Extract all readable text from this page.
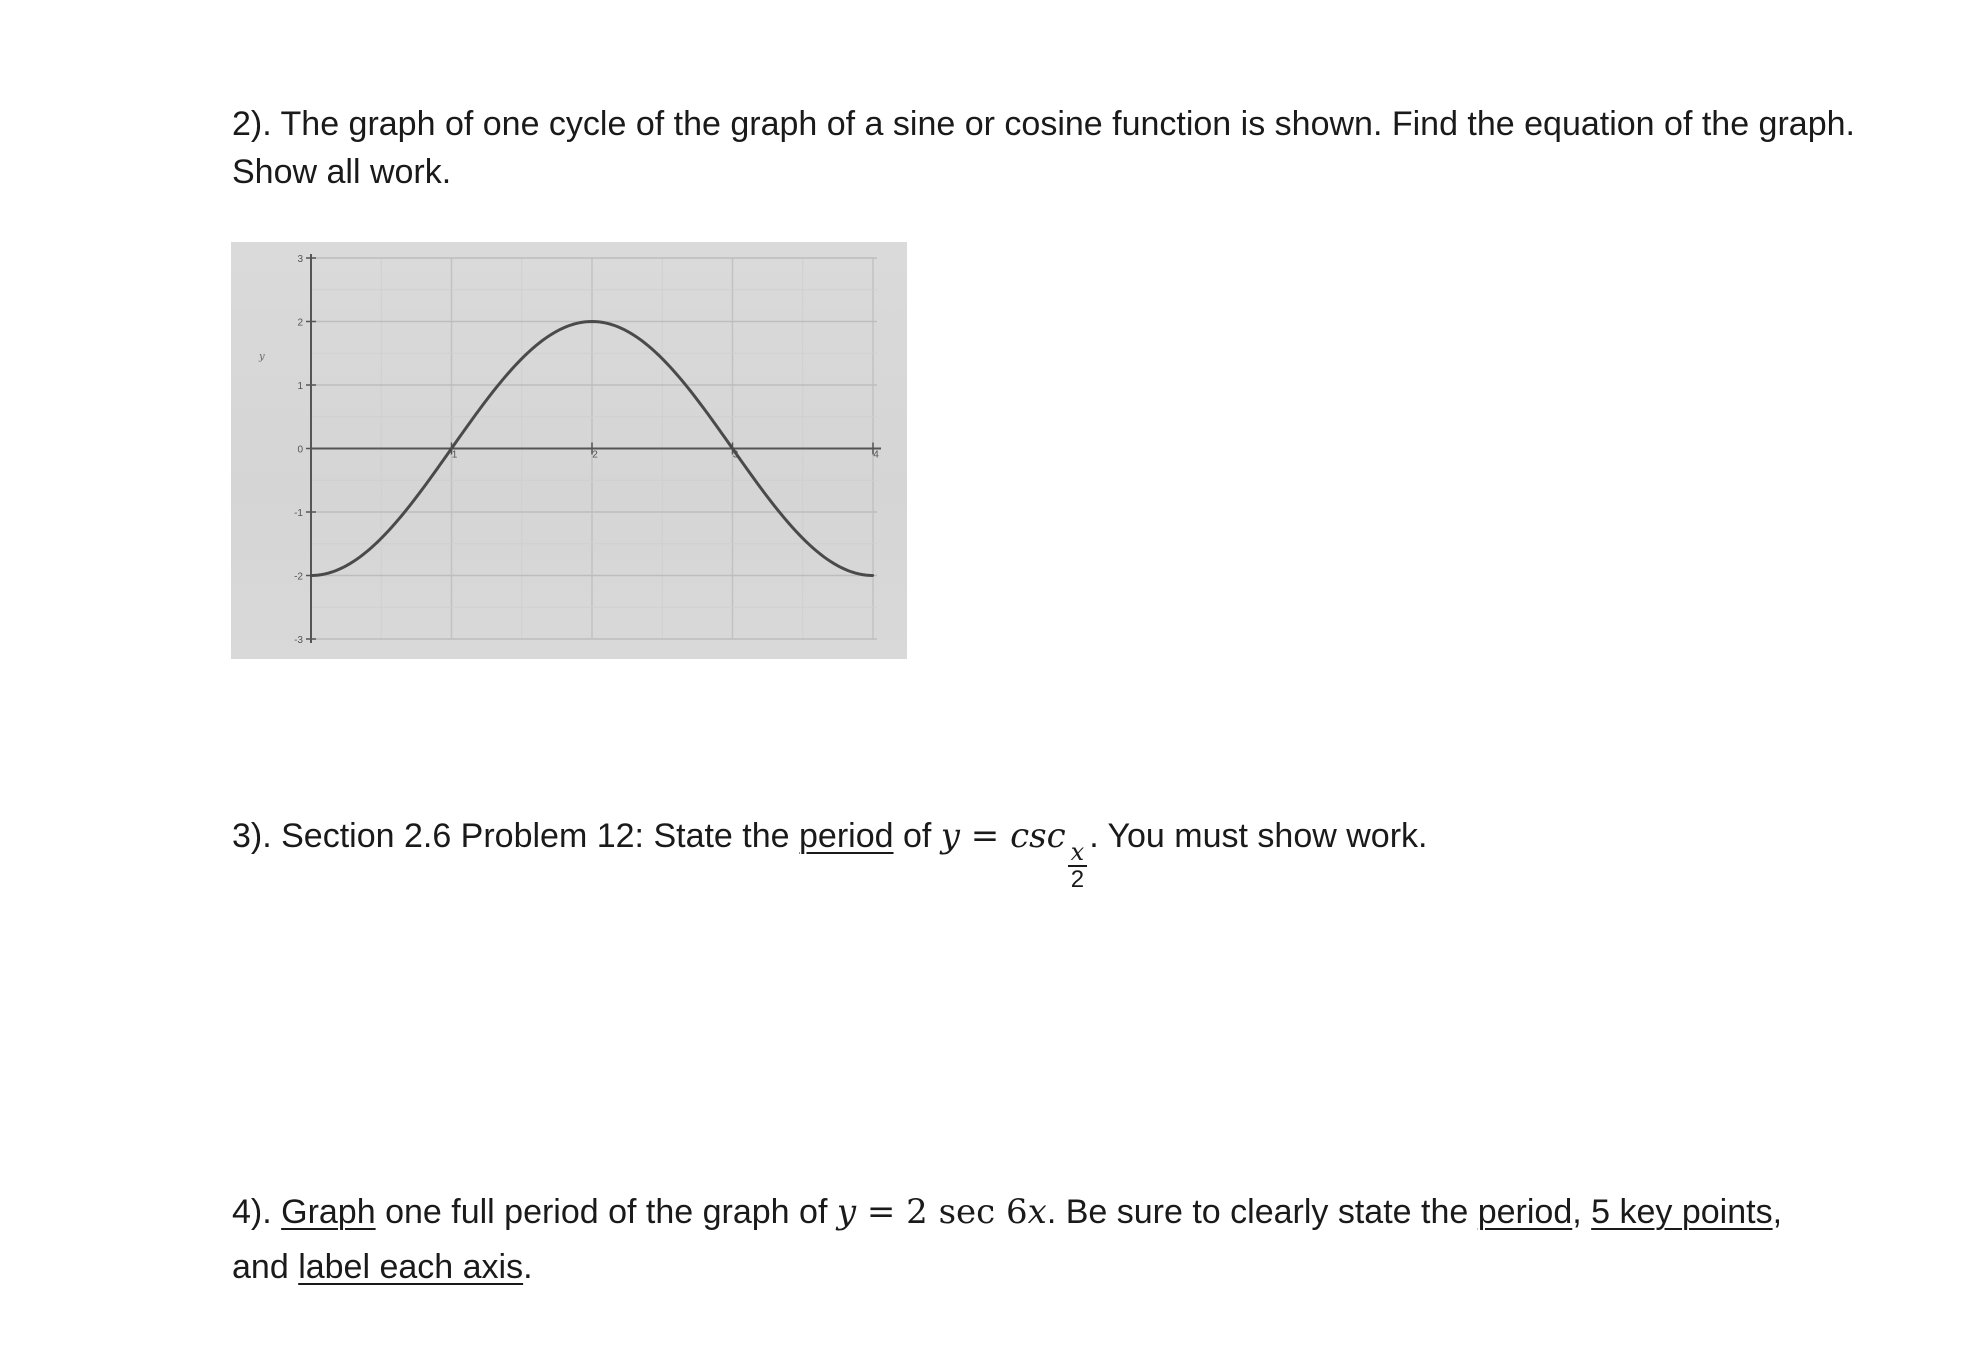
2). The graph of one cycle of the graph of a sine or cosine function is shown. Find the equation of the graph. Show all work.

3
2
1
0
-1
-2
-3
y
1	2	3	4

3). Section 2.6 Problem 12: State the period of y = csc
$\frac{x}{2}$
. You must show work.

4). Graph one full period of the graph of y = 2 sec 6x. Be sure to clearly state the period, 5 key points,
and label each axis.
